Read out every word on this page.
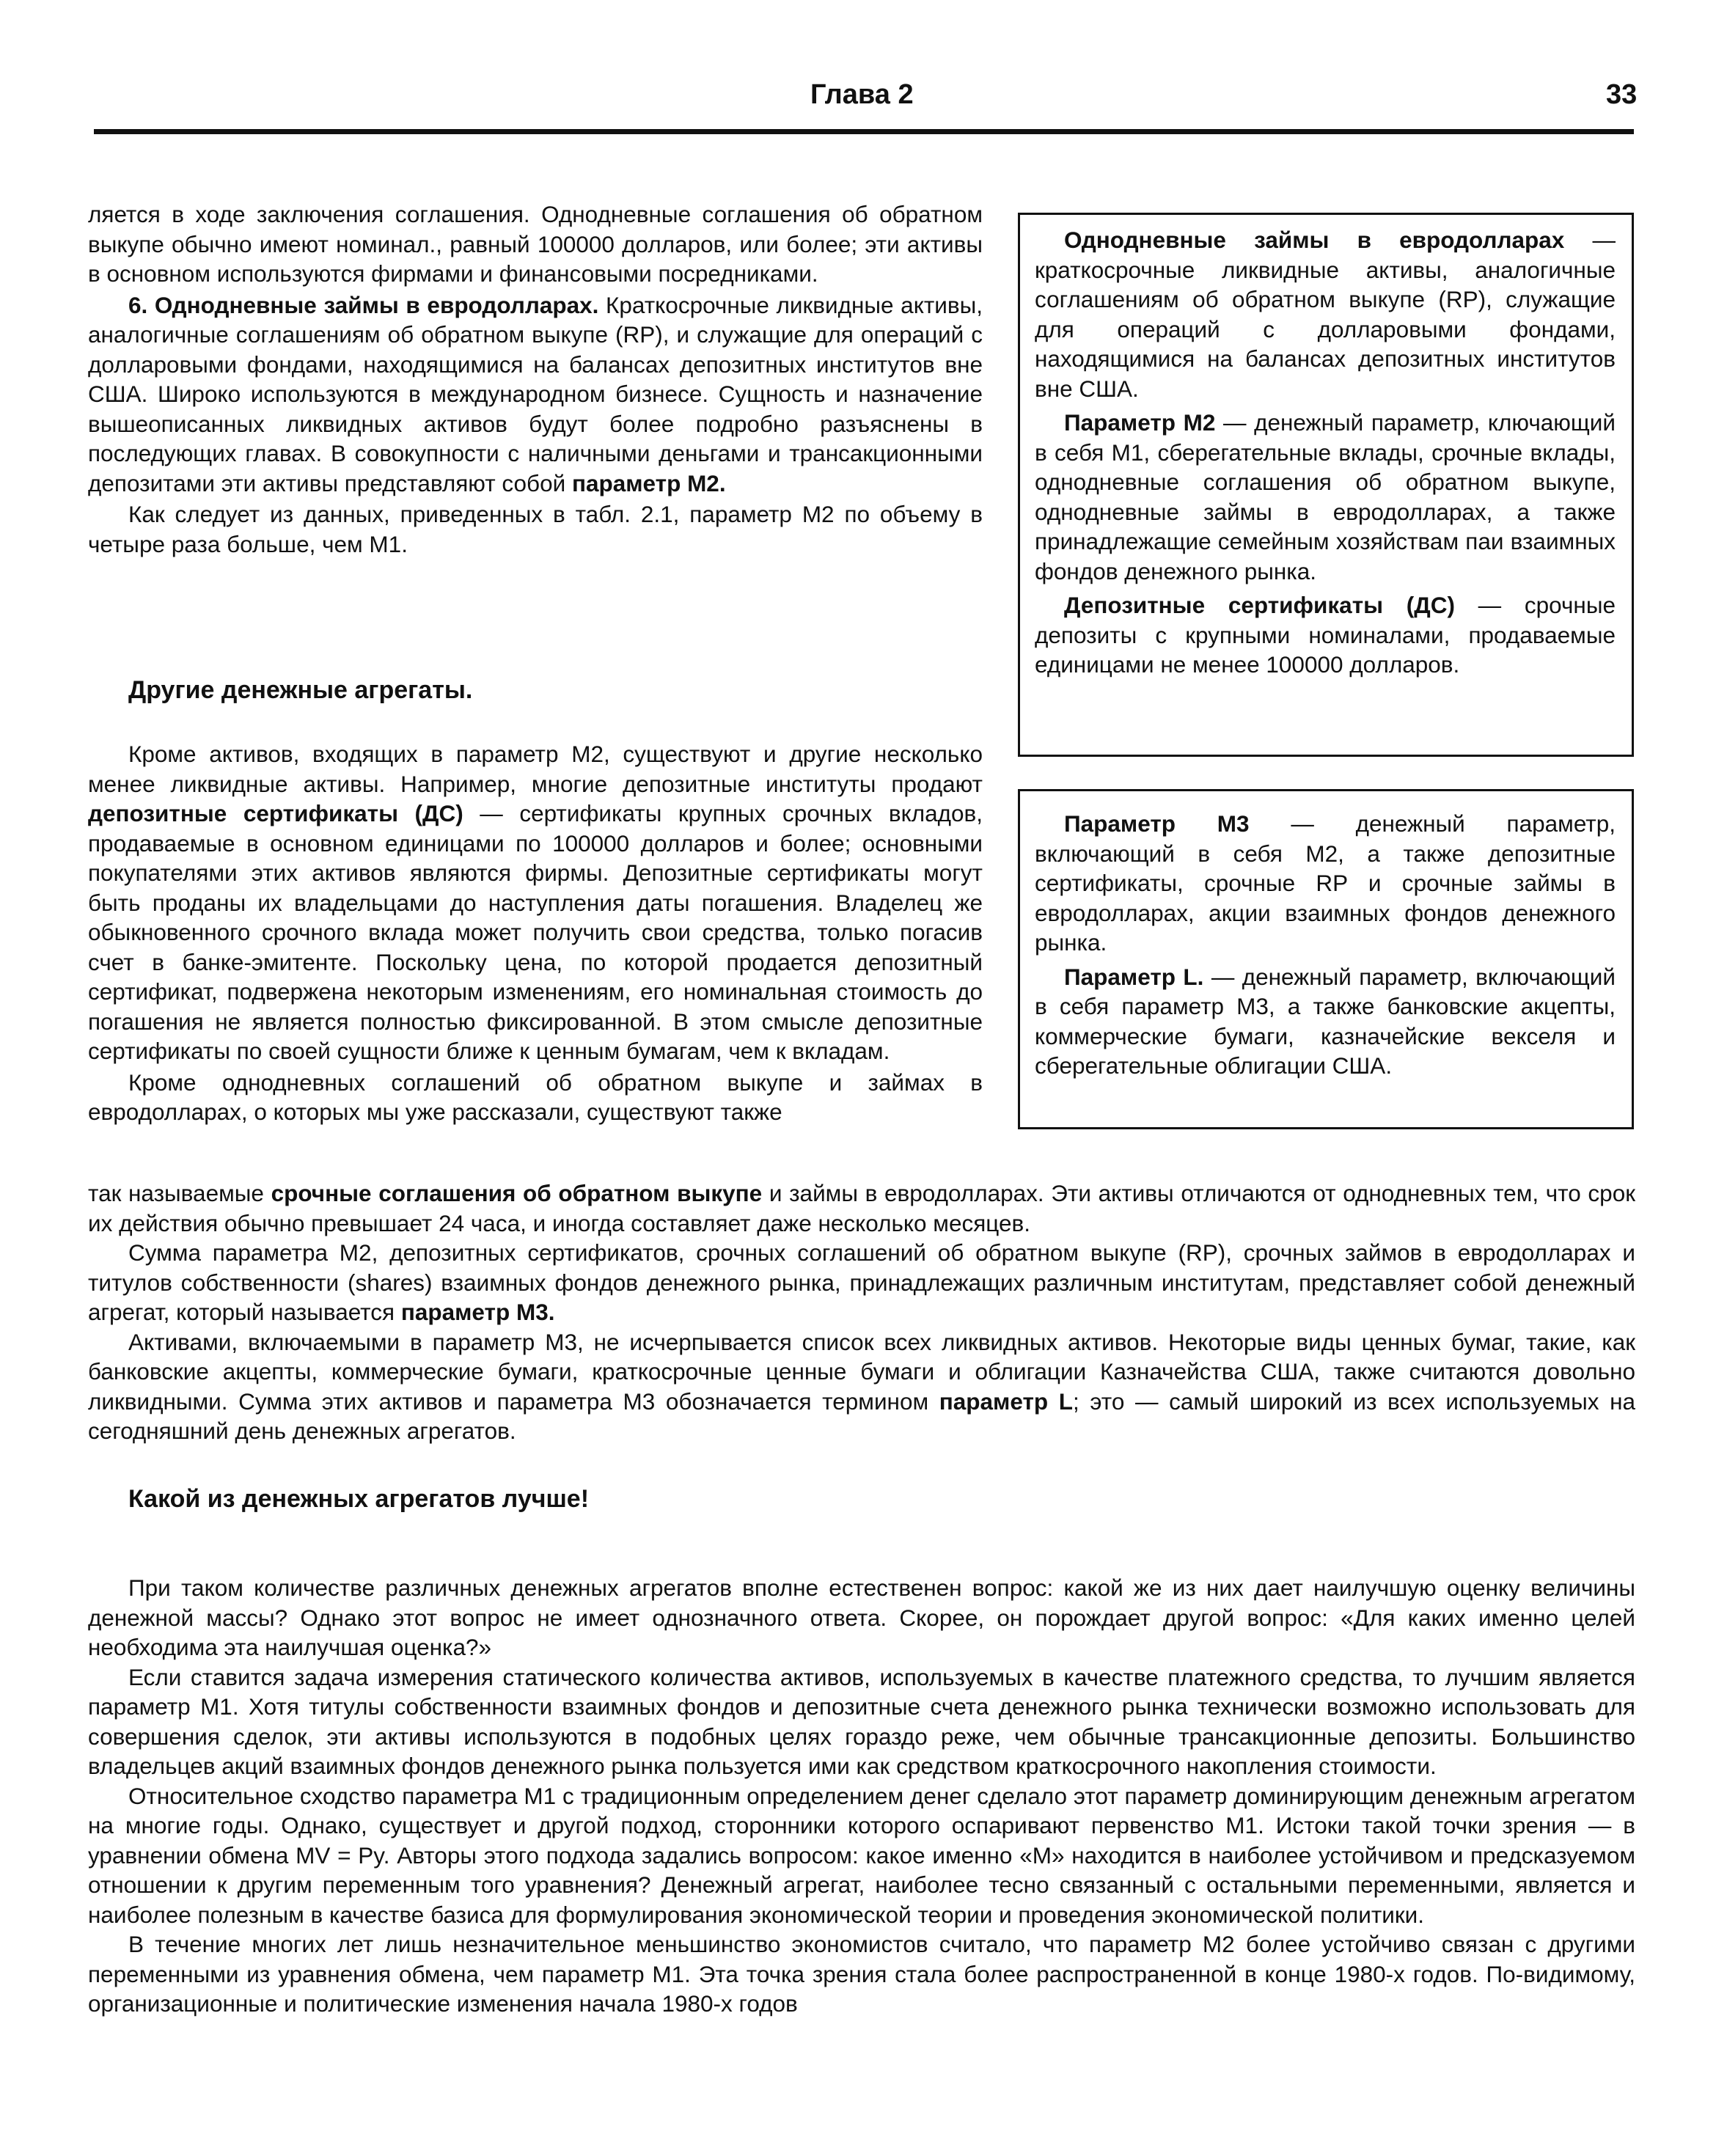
Глава 2	33

ляется в ходе заключения соглашения. Однодневные соглашения об обратном выкупе обычно имеют номинал., равный 100000 долларов, или более; эти активы в основном используются фирмами и финансовыми посредниками.

6. Однодневные займы в евродолларах. Краткосрочные ликвидные активы, аналогичные соглашениям об обратном выкупе (RP), и служащие для операций с долларовыми фондами, находящимися на балансах депозитных институтов вне США. Широко используются в международном бизнесе. Сущность и назначение вышеописанных ликвидных активов будут более подробно разъяснены в последующих главах. В совокупности с наличными деньгами и трансакционными депозитами эти активы представляют собой параметр М2.

Как следует из данных, приведенных в табл. 2.1, параметр М2 по объему в четыре раза больше, чем М1.

Другие денежные агрегаты.

Кроме активов, входящих в параметр М2, существуют и другие несколько менее ликвидные активы. Например, многие депозитные институты продают депозитные сертификаты (ДС) — сертификаты крупных срочных вкладов, продаваемые в основном единицами по 100000 долларов и более; основными покупателями этих активов являются фирмы. Депозитные сертификаты могут быть проданы их владельцами до наступления даты погашения. Владелец же обыкновенного срочного вклада может получить свои средства, только погасив счет в банке-эмитенте. Поскольку цена, по которой продается депозитный сертификат, подвержена некоторым изменениям, его номинальная стоимость до погашения не является полностью фиксированной. В этом смысле депозитные сертификаты по своей сущности ближе к ценным бумагам, чем к вкладам.

Кроме однодневных соглашений об обратном выкупе и займах в евродолларах, о которых мы уже рассказали, существуют также

Однодневные займы в евродолларах — краткосрочные ликвидные активы, аналогичные соглашениям об обратном выкупе (RP), служащие для операций с долларовыми фондами, находящимися на балансах депозитных институтов вне США.

Параметр М2 — денежный параметр, ключающий в себя М1, сберегательные вклады, срочные вклады, однодневные соглашения об обратном выкупе, однодневные займы в евродолларах, а также принадлежащие семейным хозяйствам паи взаимных фондов денежного рынка.

Депозитные сертификаты (ДС) — срочные депозиты с крупными номиналами, продаваемые единицами не менее 100000 долларов.

Параметр М3 — денежный параметр, включающий в себя М2, а также депозитные сертификаты, срочные RP и срочные займы в евродолларах, акции взаимных фондов денежного рынка.

Параметр L. — денежный параметр, включающий в себя параметр М3, а также банковские акцепты, коммерческие бумаги, казначейские векселя и сберегательные облигации США.

так называемые срочные соглашения об обратном выкупе и займы в евродолларах. Эти активы отличаются от однодневных тем, что срок их действия обычно превышает 24 часа, и иногда составляет даже несколько месяцев.

Сумма параметра М2, депозитных сертификатов, срочных соглашений об обратном выкупе (RP), срочных займов в евродолларах и титулов собственности (shares) взаимных фондов денежного рынка, принадлежащих различным институтам, представляет собой денежный агрегат, который называется параметр М3.

Активами, включаемыми в параметр М3, не исчерпывается список всех ликвидных активов. Некоторые виды ценных бумаг, такие, как банковские акцепты, коммерческие бумаги, краткосрочные ценные бумаги и облигации Казначейства США, также считаются довольно ликвидными. Сумма этих активов и параметра М3 обозначается термином параметр L; это — самый широкий из всех используемых на сегодняшний день денежных агрегатов.

Какой из денежных агрегатов лучше!

При таком количестве различных денежных агрегатов вполне естественен вопрос: какой же из них дает наилучшую оценку величины денежной массы? Однако этот вопрос не имеет однозначного ответа. Скорее, он порождает другой вопрос: «Для каких именно целей необходима эта наилучшая оценка?»

Если ставится задача измерения статического количества активов, используемых в качестве платежного средства, то лучшим является параметр М1. Хотя титулы собственности взаимных фондов и депозитные счета денежного рынка технически возможно использовать для совершения сделок, эти активы используются в подобных целях гораздо реже, чем обычные трансакционные депозиты. Большинство владельцев акций взаимных фондов денежного рынка пользуется ими как средством краткосрочного накопления стоимости.

Относительное сходство параметра М1 с традиционным определением денег сделало этот параметр доминирующим денежным агрегатом на многие годы. Однако, существует и другой подход, сторонники которого оспаривают первенство М1. Истоки такой точки зрения — в уравнении обмена MV = Py. Авторы этого подхода задались вопросом: какое именно «М» находится в наиболее устойчивом и предсказуемом отношении к другим переменным того уравнения? Денежный агрегат, наиболее тесно связанный с остальными переменными, является и наиболее полезным в качестве базиса для формулирования экономической теории и проведения экономической политики.

В течение многих лет лишь незначительное меньшинство экономистов считало, что параметр М2 более устойчиво связан с другими переменными из уравнения обмена, чем параметр М1. Эта точка зрения стала более распространенной в конце 1980-х годов. По-видимому, организационные и политические изменения начала 1980-х годов
